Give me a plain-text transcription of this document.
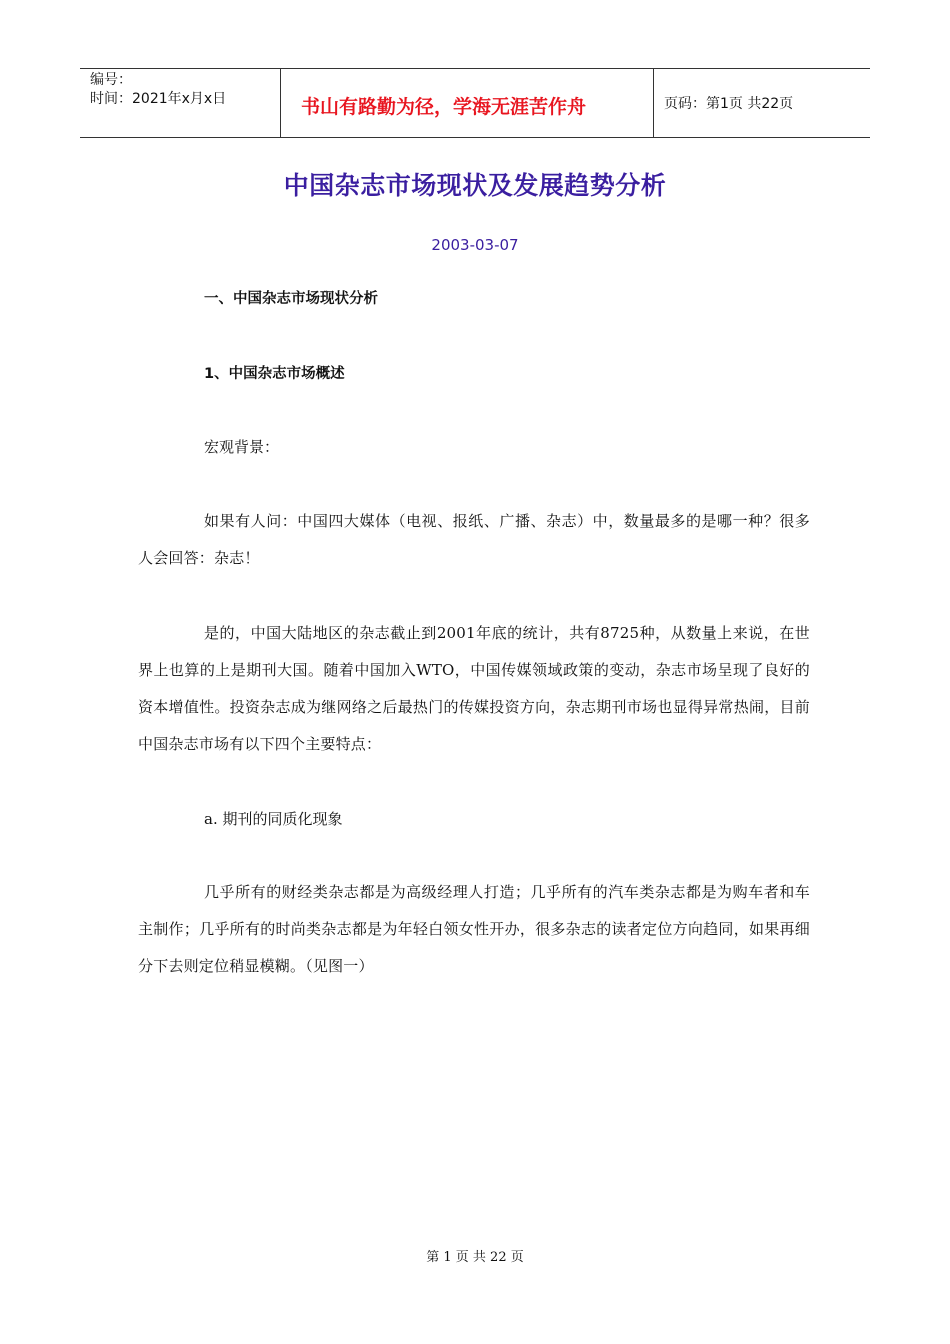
编号：
时间：2021年x月x日	书山有路勤为径，学海无涯苦作舟	页码：第1页 共22页
中国杂志市场现状及发展趋势分析
2003-03-07
一、中国杂志市场现状分析
1、中国杂志市场概述
宏观背景：
如果有人问：中国四大媒体（电视、报纸、广播、杂志）中，数量最多的是哪一种？很多人会回答：杂志！
是的，中国大陆地区的杂志截止到2001年底的统计，共有8725种，从数量上来说，在世界上也算的上是期刊大国。随着中国加入WTO，中国传媒领域政策的变动，杂志市场呈现了良好的资本增值性。投资杂志成为继网络之后最热门的传媒投资方向，杂志期刊市场也显得异常热闹，目前中国杂志市场有以下四个主要特点：
a. 期刊的同质化现象
几乎所有的财经类杂志都是为高级经理人打造；几乎所有的汽车类杂志都是为购车者和车主制作；几乎所有的时尚类杂志都是为年轻白领女性开办，很多杂志的读者定位方向趋同，如果再细分下去则定位稍显模糊。（见图一）
第 1 页 共 22 页
